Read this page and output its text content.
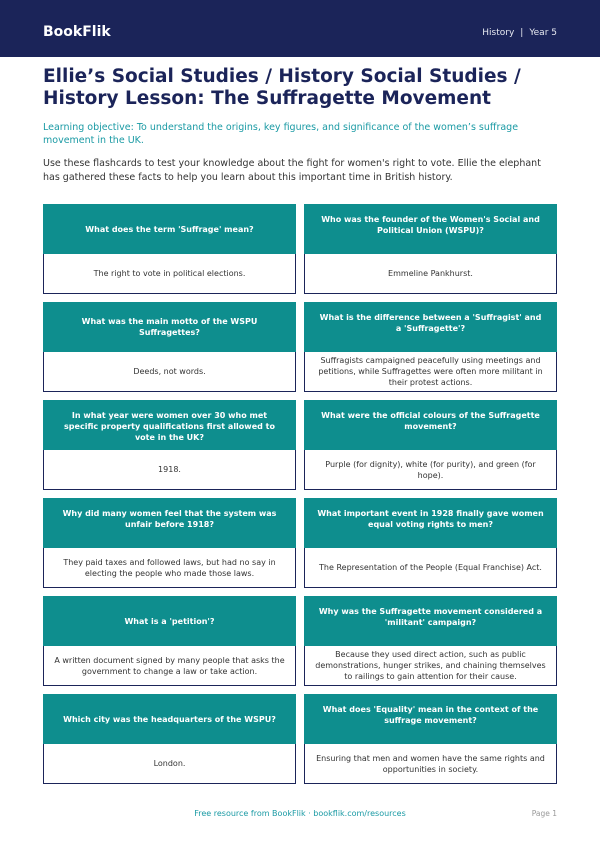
BookFlik	History | Year 5
Ellie’s Social Studies / History Social Studies / History Lesson: The Suffragette Movement
Learning objective: To understand the origins, key figures, and significance of the women’s suffrage movement in the UK.
Use these flashcards to test your knowledge about the fight for women's right to vote. Ellie the elephant has gathered these facts to help you learn about this important time in British history.
What does the term 'Suffrage' mean?
The right to vote in political elections.
Who was the founder of the Women's Social and Political Union (WSPU)?
Emmeline Pankhurst.
What was the main motto of the WSPU Suffragettes?
Deeds, not words.
What is the difference between a 'Suffragist' and a 'Suffragette'?
Suffragists campaigned peacefully using meetings and petitions, while Suffragettes were often more militant in their protest actions.
In what year were women over 30 who met specific property qualifications first allowed to vote in the UK?
1918.
What were the official colours of the Suffragette movement?
Purple (for dignity), white (for purity), and green (for hope).
Why did many women feel that the system was unfair before 1918?
They paid taxes and followed laws, but had no say in electing the people who made those laws.
What important event in 1928 finally gave women equal voting rights to men?
The Representation of the People (Equal Franchise) Act.
What is a 'petition'?
A written document signed by many people that asks the government to change a law or take action.
Why was the Suffragette movement considered a 'militant' campaign?
Because they used direct action, such as public demonstrations, hunger strikes, and chaining themselves to railings to gain attention for their cause.
Which city was the headquarters of the WSPU?
London.
What does 'Equality' mean in the context of the suffrage movement?
Ensuring that men and women have the same rights and opportunities in society.
Free resource from BookFlik · bookflik.com/resources	Page 1
